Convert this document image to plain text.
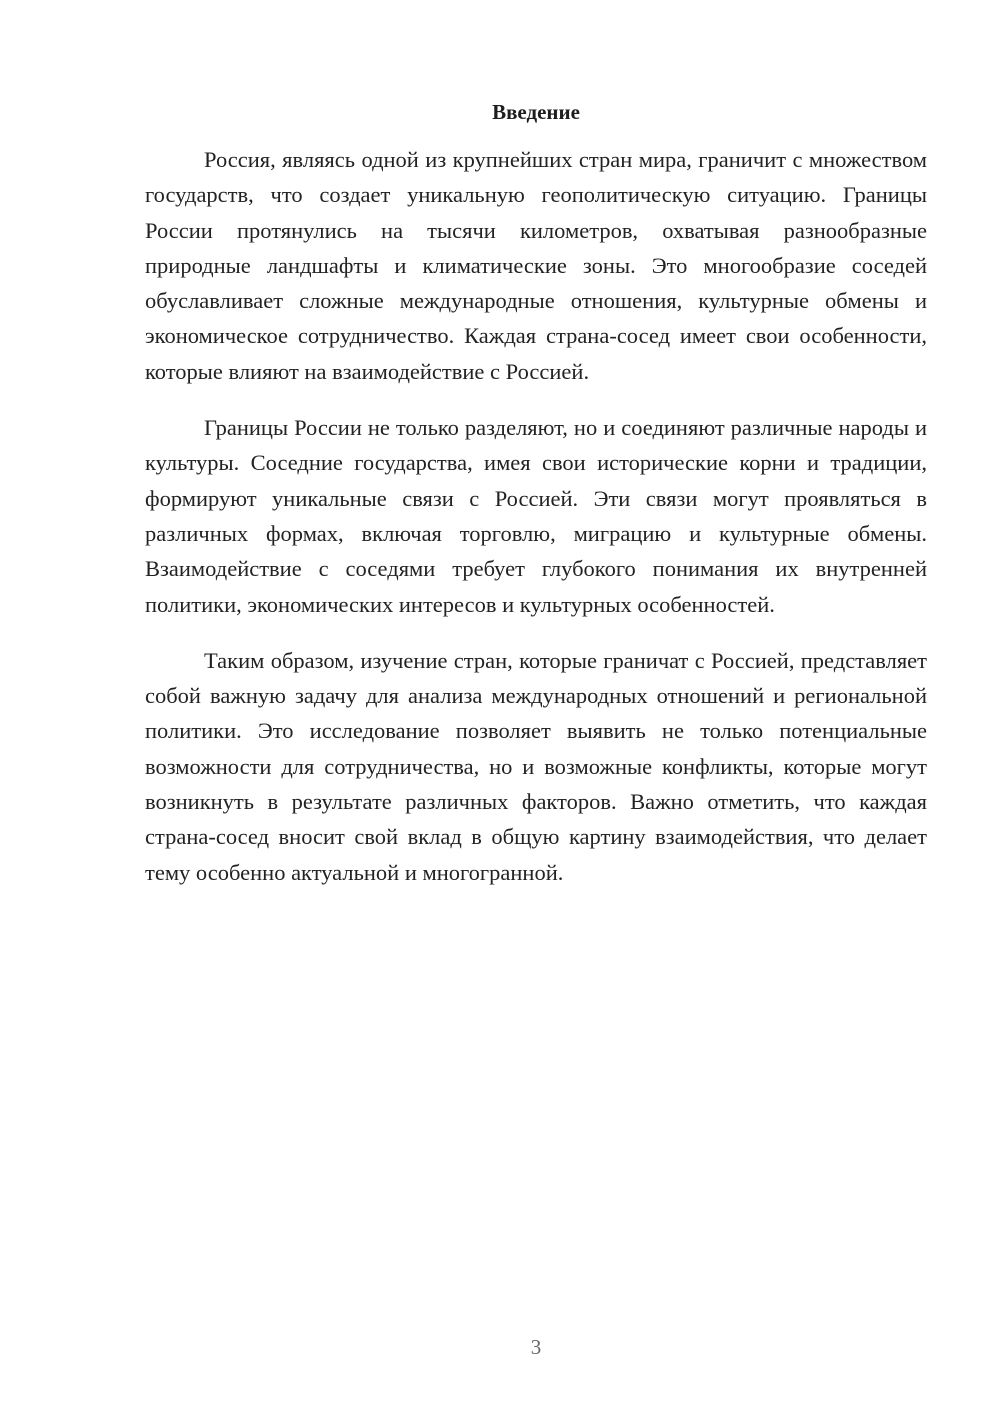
Введение

Россия, являясь одной из крупнейших стран мира, граничит с множеством государств, что создает уникальную геополитическую ситуацию. Границы России протянулись на тысячи километров, охватывая разнообразные природные ландшафты и климатические зоны. Это многообразие соседей обуславливает сложные международные отношения, культурные обмены и экономическое сотрудничество. Каждая страна-сосед имеет свои особенности, которые влияют на взаимодействие с Россией.

Границы России не только разделяют, но и соединяют различные народы и культуры. Соседние государства, имея свои исторические корни и традиции, формируют уникальные связи с Россией. Эти связи могут проявляться в различных формах, включая торговлю, миграцию и культурные обмены. Взаимодействие с соседями требует глубокого понимания их внутренней политики, экономических интересов и культурных особенностей.

Таким образом, изучение стран, которые граничат с Россией, представляет собой важную задачу для анализа международных отношений и региональной политики. Это исследование позволяет выявить не только потенциальные возможности для сотрудничества, но и возможные конфликты, которые могут возникнуть в результате различных факторов. Важно отметить, что каждая страна-сосед вносит свой вклад в общую картину взаимодействия, что делает тему особенно актуальной и многогранной.

3
